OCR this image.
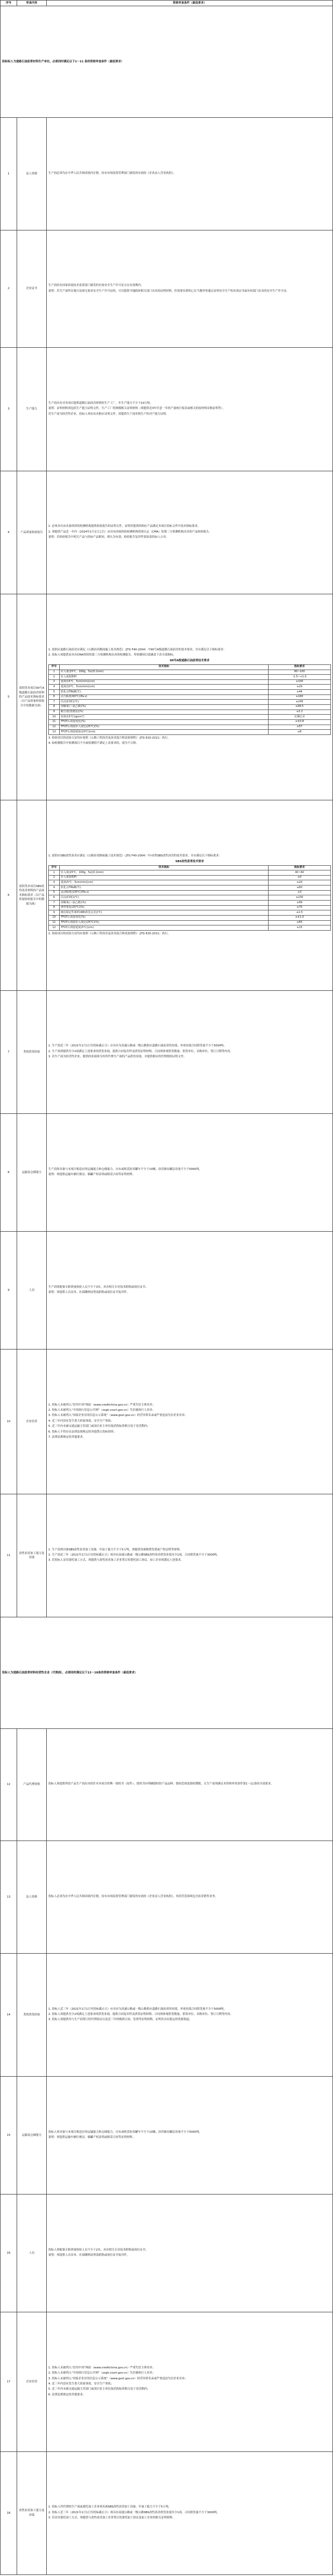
序号	审查内容	资格审查条件（最低要求）
投标标人为道路石油沥青材料生产单位，必须同时满足以下1～11 条的资格审查条件（最低要求）
1	法人资格	生产商必须为在中华人民共和国境内注册，持有市场监督管理部门颁发的有效的《企业法人营业执照》。

2	企业证书	

生产商持有国家质量技术监督部门颁发的有效安全生产许可证且在有效期内。

说明：若生产商所在地方法规无要求安全生产许可证的，可以提供当地政府相关部门出具的证明材料，但需要有新的已在当地审查通过证明安全生产的有效证书或有权部门出具的安全生产许可证。

3	生产能力	

生产商具有对本项目提供道路石油沥青材料的生产工厂，年生产能力不少于10万吨。

说明：证明材料须包括生产能力证明文件，生产工厂的规模相关证明材料（须提供近3年任意一年的产量统计报表或相关的原材料采购证明等）。

若生产商为经营性企业，投标人须有出具相应证明文件，需提供生产商单独生产的对产能力证明。

4	产品质量检验报告	

1. 必须具有由具备资质的检测机构提供检验报告的证明文件，证明其提供的相应产品满足本项目招标文件中技术指标要求。

2. 须提供产品近一年内（2024年1月1日之后）由具有国家检验检测机构资质认定（CMA）的第三方检测机构出具的产品检验报告。

说明：若检验报告中相关产品与投标产品相同，则认为有效；检验报告复印件需加盖投标人公章。

5	拟供货本项目90号A级道路石油沥青材料的产品技术指标要求（以产品质量检验报告中的数据为准）	

1. 拟供应道路石油沥青应满足《公路沥青路面施工技术规范》（JTG F40-2004）中90号A级道路石油沥青的技术要求，并应满足以下指标要求：

2. 投标人须提供由具有CMA资质的第三方检测机构出具的检测报告，所检测项目需涵盖下表全部指标。

90号A级道路石油沥青技术要求
序号	技术指标	指标要求
1	针入度(25℃，100g，5s)(0.1mm)	80~100
2	针入度指数PI	-1.5~+1.0
3	延度(15℃，5cm/min)(cm)	≥100
4	延度(10℃，5cm/min)(cm)	≥20
5	软化点TR&B(℃)	≥44
6	动力粘度(60℃)(Pa·s)	≥160
7	闪点(COC)(℃)	≥245
8	溶解度(三氯乙烯)(%)	≥99.5
9	蜡含量(蒸馏法)(%)	≤2.2
10	密度(15℃)(g/cm³)	实测记录
11	TFOT后质量变化(%)	≤±0.8
12	TFOT后残留针入度比(25℃)(%)	≥57
13	TFOT后残留延度(10℃)(cm)	≥8

3. 检验项目的试验方法均应按照《公路工程沥青及沥青混合料试验规程》（JTG E20-2011）执行。

4. 如检测报告中检测项目不全或检测值不满足上表要求的，视为不合格。

6	拟供货本项目SBS改性沥青材料的产品技术指标要求（以产品质量检验报告中的数据为准）	

1. 拟供应SBS改性沥青应满足《公路沥青路面施工技术规范》（JTG F40-2004）中I-D类SBS改性沥青的技术要求，并应满足以下指标要求：

SBS改性沥青技术要求
序号	技术指标	指标要求
1	针入度(25℃，100g，5s)(0.1mm)	40~60
2	针入度指数PI	≥0
3	延度(5℃，5cm/min)(cm)	≥20
4	软化点TR&B(℃)	≥60
5	运动粘度(135℃)(Pa·s)	≤3
6	闪点(COC)(℃)	≥230
7	溶解度(三氯乙烯)(%)	≥99
8	弹性恢复(25℃)(%)	≥75
9	储存稳定性离析(48h软化点差)(℃)	≤2.5
10	TFOT后质量变化(%)	≤±1.0
11	TFOT后残留针入度比(25℃)(%)	≥65
12	TFOT后残留延度(5℃)(cm)	≥15

2. 检验项目的试验方法均应按照《公路工程沥青及沥青混合料试验规程》（JTG E20-2011）执行。

7	类似供货经验	

1. 生产商近三年（2021年1月1日至投标截止日）应具有为高速公路或一级公路供应道路石油沥青的业绩，单项业绩合同供货量不少于5000吨。

2. 生产商须提供至少2项满足上述要求的供货业绩，提供合同复印件及供货证明材料，合同须体现供货数量、供货单位、采购单位、签订日期等内容。

3. 若生产商为经营性企业，提供的业绩须为其所代理生产商的产品供货业绩，并提供相应的代理授权证明文件。

8	运输及仓储能力	

生产商须具备与本项目相适应的运输能力和仓储能力，自有或租赁沥青罐车不少于10辆，沥青储存罐总容量不少于5000吨。

说明：须提供运输车辆行驶证、储罐产权证明或租赁合同等证明材料。

9	人员	

生产商须配备专职质量检验人员不少于3名，具有相关专业技术职称或岗位证书。

说明：须提供人员名单、社保缴纳证明及职称或岗位证书复印件。

10	企业信誉	

1. 投标人未被列入“信用中国”网站（www.creditchina.gov.cn）严重失信主体名单；

2. 投标人未被列入“中国执行信息公开网”（zxgk.court.gov.cn）失信被执行人名单；

3. 投标人未被列入“国家企业信用信息公示系统”（www.gsxt.gov.cn）经营异常名录或严重违法失信企业名单；

4. 近三年内没有发生重大质量事故、安全生产事故；

5. 近三年内未被交通运输主管部门或项目业主单位取消投标资格且处于处罚期内；

6. 投标人不得存在法律法规规定的其他禁止投标情形；

7. 法律法规规定的其他要求。

11	改性沥青加工能力及业绩	

1. 生产商须具备SBS改性沥青加工设备，年加工能力不少于5万吨，须提供设备购置发票或产权证明等材料。

2. 生产商近三年（2021年1月1日至投标截止日）须具有高速公路或一级公路SBS改性沥青供货业绩至少1项，合同供货量不少于3000吨。

3. 若投标人采用委托加工方式，须提供与改性沥青加工企业签订的委托加工协议，加工企业须满足上述要求。

投标人为道路石油沥青材料经营性企业（代理商），必须同时满足以下12～18条的资格审查条件（最低要求）
12	产品代理资格	投标人须提供所投产品生产商出具的针对本项目的唯一授权书（原件），授权书应明确授权的产品品种、授权范围及授权期限，且生产商须满足本资格审查条件第1～11条的全部要求。

13	法人资格	投标人必须为在中华人民共和国境内注册，持有市场监督管理部门颁发的有效的《企业法人营业执照》，其经营范围须包含沥青销售业务。

14	类似供货经验	

1. 投标人近三年（2021年1月1日至投标截止日）应具有为高速公路或一级公路供应道路石油沥青的业绩，单项业绩合同供货量不少于5000吨。

2. 投标人须提供至少2项满足上述要求的供货业绩，提供合同复印件及供货证明材料，合同须体现供货数量、供货单位、采购单位、签订日期等内容。

3. 投标人须提供其与生产商签订的代理协议以及近三年的购销合同、发票等证明材料，证明其具有稳定的货源渠道。

15	运输及仓储能力	

投标人须具备与本项目相适应的运输能力和仓储能力，自有或租赁沥青罐车不少于10辆，沥青储存罐总容量不少于5000吨。

说明：须提供运输车辆行驶证、储罐产权证明或租赁合同等证明材料。

16	人员	

投标人须配备专职质量检验人员不少于2名，具有相关专业技术职称或岗位证书。

说明：须提供人员名单、社保缴纳证明及职称或岗位证书复印件。

17	企业信誉	

1. 投标人未被列入“信用中国”网站（www.creditchina.gov.cn）严重失信主体名单；

2. 投标人未被列入“中国执行信息公开网”（zxgk.court.gov.cn）失信被执行人名单；

3. 投标人未被列入“国家企业信用信息公示系统”（www.gsxt.gov.cn）经营异常名录或严重违法失信企业名单；

4. 近三年内没有发生重大质量事故、安全生产事故；

5. 近三年内未被交通运输主管部门或项目业主单位取消投标资格且处于处罚期内；

6. 法律法规规定的其他要求。

18	改性沥青加工能力及业绩	

1. 投标人所代理的生产商或委托加工企业须具备SBS改性沥青加工设备，年加工能力不少于5万吨。

2. 投标人近三年（2021年1月1日至投标截止日）须具有高速公路或一级公路SBS改性沥青供货业绩至少1项，合同供货量不少于3000吨。

3. 若采用委托加工方式，须提供与改性沥青加工企业签订的委托加工协议及加工企业的相关证明材料。
